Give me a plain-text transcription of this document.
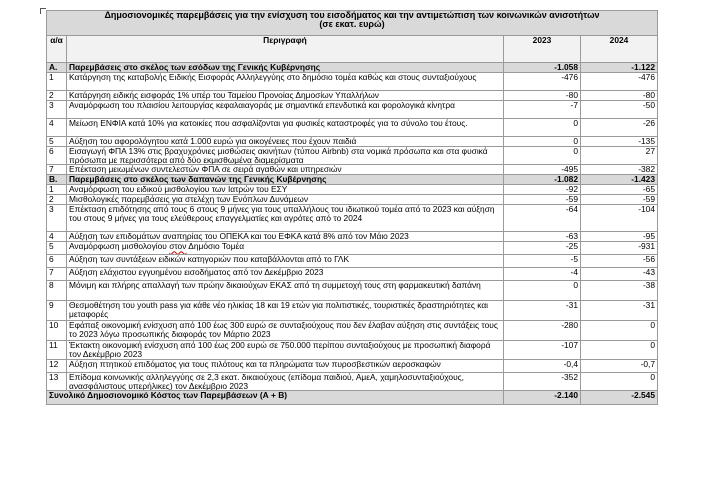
Δημοσιονομικές παρεμβάσεις για την ενίσχυση του εισοδήματος και την αντιμετώπιση των κοινωνικών ανισοτήτων
(σε εκατ. ευρώ)			

α/α	Περιγραφή	2023	2024
A.	Παρεμβάσεις στο σκέλος των εσόδων της Γενικής Κυβέρνησης	-1.058	-1.122
1	Κατάργηση της καταβολής Ειδικής Εισφοράς Αλληλεγγύης στο δημόσιο τομέα καθώς και στους συνταξιούχους	-476	-476
2	Κατάργηση ειδικής εισφοράς 1% υπέρ του Ταμείου Προνοίας Δημοσίων Υπαλλήλων	-80	-80
3	Αναμόρφωση του πλαισίου λειτουργίας κεφαλαιαγοράς με σημαντικά επενδυτικά και φορολογικά κίνητρα	-7	-50
4	Μείωση ΕΝΦΙΑ κατά 10% για κατοικίες που ασφαλίζονται για φυσικές καταστροφές για το σύνολο του έτους.	0	-26
5	Αύξηση του αφορολόγητου κατά 1.000 ευρώ για οικογένειες που έχουν παιδιά	0	-135
6	Εισαγωγή ΦΠΑ 13% στις βραχυχρόνιες μισθώσεις ακινήτων (τύπου Airbnb) στα νομικά πρόσωπα και στα φυσικά πρόσωπα με περισσότερα από δύο εκμισθωμένα διαμερίσματα	0	27
7	Επέκταση μειωμένων συντελεστών ΦΠΑ σε σειρά αγαθών και υπηρεσιών	-495	-382
B.	Παρεμβάσεις στο σκέλος των δαπανών της Γενικής Κυβέρνησης	-1.082	-1.423
1	Αναμόρφωση του ειδικού μισθολογίου των Ιατρών του ΕΣΥ	-92	-65
2	Μισθολογικές παρεμβάσεις για στελέχη των Ενόπλων Δυνάμεων	-59	-59
3	Επέκταση επιδότησης από τους 6 στους 9 μήνες για τους υπαλλήλους του ιδιωτικού τομέα από το 2023 και αύξηση του στους 9 μήνες για τους ελεύθερους επαγγελματίες και αγρότες από το 2024	-64	-104
4	Αύξηση των επιδομάτων αναπηρίας του ΟΠΕΚΑ και του ΕΦΚΑ κατά 8% από τον Μάιο 2023	-63	-95
5	Αναμόρφωση μισθολογίου στον Δημόσιο Τομέα	-25	-931
6	Αύξηση των συντάξεων ειδικών κατηγοριών που καταβάλλονται από το ΓΛΚ	-5	-56
7	Αύξηση ελάχιστου εγγυημένου εισοδήματος από τον Δεκέμβριο 2023	-4	-43
8	Μόνιμη και πλήρης απαλλαγή των πρώην δικαιούχων ΕΚΑΣ από τη συμμετοχή τους στη φαρμακευτική δαπάνη	0	-38
9	Θεσμοθέτηση του youth pass για κάθε νέο ηλικίας 18 και 19 ετών για πολιτιστικές, τουριστικές δραστηριότητες και μεταφορές	-31	-31
10	Εφάπαξ οικονομική ενίσχυση από 100 έως 300 ευρώ σε συνταξιούχους που δεν έλαβαν αύξηση στις συντάξεις τους το 2023 λόγω προσωπικής διαφοράς τον Μάρτιο 2023	-280	0
11	Έκτακτη οικονομική ενίσχυση από 100 έως 200 ευρώ σε 750.000 περίπου συνταξιούχους με προσωπική διαφορά τον Δεκέμβριο 2023	-107	0
12	Αύξηση πτητικού επιδόματος για τους πιλότους και τα πληρώματα των πυροσβεστικών αεροσκαφών	-0,4	-0,7
13	Επίδομα κοινωνικής αλληλεγγύης σε 2,3 εκατ. δικαιούχους (επίδομα παιδιού, ΑμεΑ, χαμηλοσυνταξιούχους, ανασφάλιστους υπερήλικες) τον Δεκέμβριο 2023	-352	0
Συνολικό Δημοσιονομικό Κόστος των Παρεμβάσεων (Α + Β)		-2.140	-2.545
